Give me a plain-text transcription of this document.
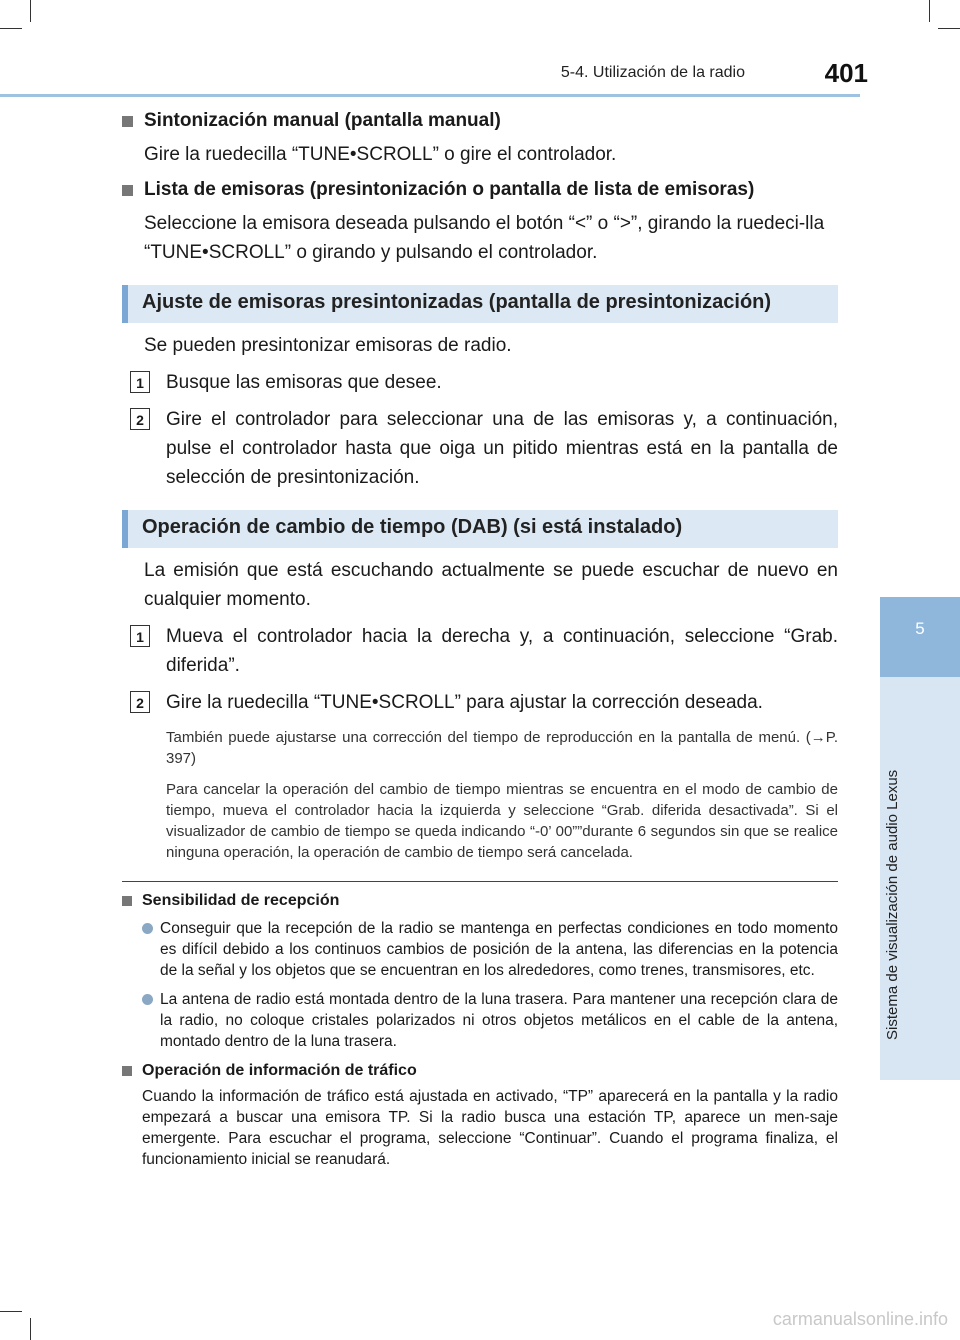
5-4. Utilización de la radio	401
5
Sistema de visualización de audio Lexus
Sintonización manual (pantalla manual)
Gire la ruedecilla “TUNE•SCROLL” o gire el controlador.
Lista de emisoras (presintonización o pantalla de lista de emisoras)
Seleccione la emisora deseada pulsando el botón “<” o “>”, girando la ruedeci-lla “TUNE•SCROLL” o girando y pulsando el controlador.
Ajuste de emisoras presintonizadas (pantalla de presintonización)
Se pueden presintonizar emisoras de radio.
1	Busque las emisoras que desee.
2	Gire el controlador para seleccionar una de las emisoras y, a continuación, pulse el controlador hasta que oiga un pitido mientras está en la pantalla de selección de presintonización.
Operación de cambio de tiempo (DAB) (si está instalado)
La emisión que está escuchando actualmente se puede escuchar de nuevo en cualquier momento.
1	Mueva el controlador hacia la derecha y, a continuación, seleccione “Grab. diferida”.
2	Gire la ruedecilla “TUNE•SCROLL” para ajustar la corrección deseada.
También puede ajustarse una corrección del tiempo de reproducción en la pantalla de menú. (→P. 397)
Para cancelar la operación del cambio de tiempo mientras se encuentra en el modo de cambio de tiempo, mueva el controlador hacia la izquierda y seleccione “Grab. diferida desactivada”. Si el visualizador de cambio de tiempo se queda indicando “-0’ 00””durante 6 segundos sin que se realice ninguna operación, la operación de cambio de tiempo será cancelada.
Sensibilidad de recepción
Conseguir que la recepción de la radio se mantenga en perfectas condiciones en todo momento es difícil debido a los continuos cambios de posición de la antena, las diferencias en la potencia de la señal y los objetos que se encuentran en los alrededores, como trenes, transmisores, etc.
La antena de radio está montada dentro de la luna trasera. Para mantener una recepción clara de la radio, no coloque cristales polarizados ni otros objetos metálicos en el cable de la antena, montado dentro de la luna trasera.
Operación de información de tráfico
Cuando la información de tráfico está ajustada en activado, “TP” aparecerá en la pantalla y la radio empezará a buscar una emisora TP. Si la radio busca una estación TP, aparece un men-saje emergente. Para escuchar el programa, seleccione “Continuar”. Cuando el programa finaliza, el funcionamiento inicial se reanudará.
carmanualsonline.info
